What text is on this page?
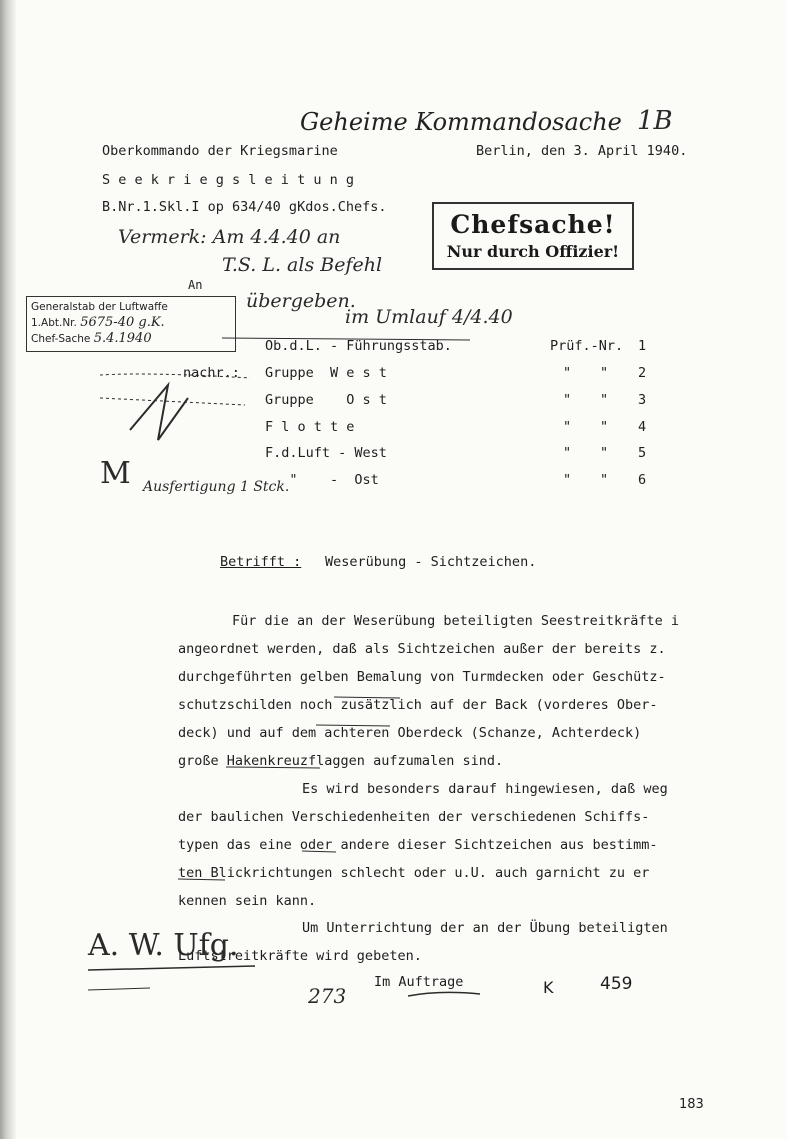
Geheime Kommandosache 1B
Oberkommando der Kriegsmarine	Berlin, den 3. April 1940.
S e e k r i e g s l e i t u n g
B.Nr.1.Skl.I op 634/40 gKdos.Chefs.
Chefsache!
Nur durch Offizier!
Vermerk: Am 4.4.40 an
T.S. L. als Befehl
übergeben.
im Umlauf 4/4.40
An
Generalstab der Luftwaffe
1.Abt.Nr. 5675-40 g.K.
Chef-Sache 5.4.1940	Prüf.-Nr.
Ob.d.L. - Führungsstab.	1
nachr.: Gruppe  W e s t	" " 2
Gruppe    O s t	" " 3
F l o t t e	" " 4
F.d.Luft - West	" " 5
"    -  Ost	" " 6
M Ausfertigung 1 Stck.
Betrifft : Weserübung - Sichtzeichen.
Für die an der Weserübung beteiligten Seestreitkräfte i
angeordnet werden, daß als Sichtzeichen außer der bereits z.
durchgeführten gelben Bemalung von Turmdecken oder Geschütz-
schutzschilden noch zusätzlich auf der Back (vorderes Ober-
deck) und auf dem achteren Oberdeck (Schanze, Achterdeck)
große Hakenkreuzflaggen aufzumalen sind.
Es wird besonders darauf hingewiesen, daß weg
der baulichen Verschiedenheiten der verschiedenen Schiffs-
typen das eine oder andere dieser Sichtzeichen aus bestimm-
ten Blickrichtungen schlecht oder u.U. auch garnicht zu er
kennen sein kann.
Um Unterrichtung der an der Übung beteiligten
Luftstreitkräfte wird gebeten.
Im Auftrage	K	459
A. W. Ufg.
273
183
